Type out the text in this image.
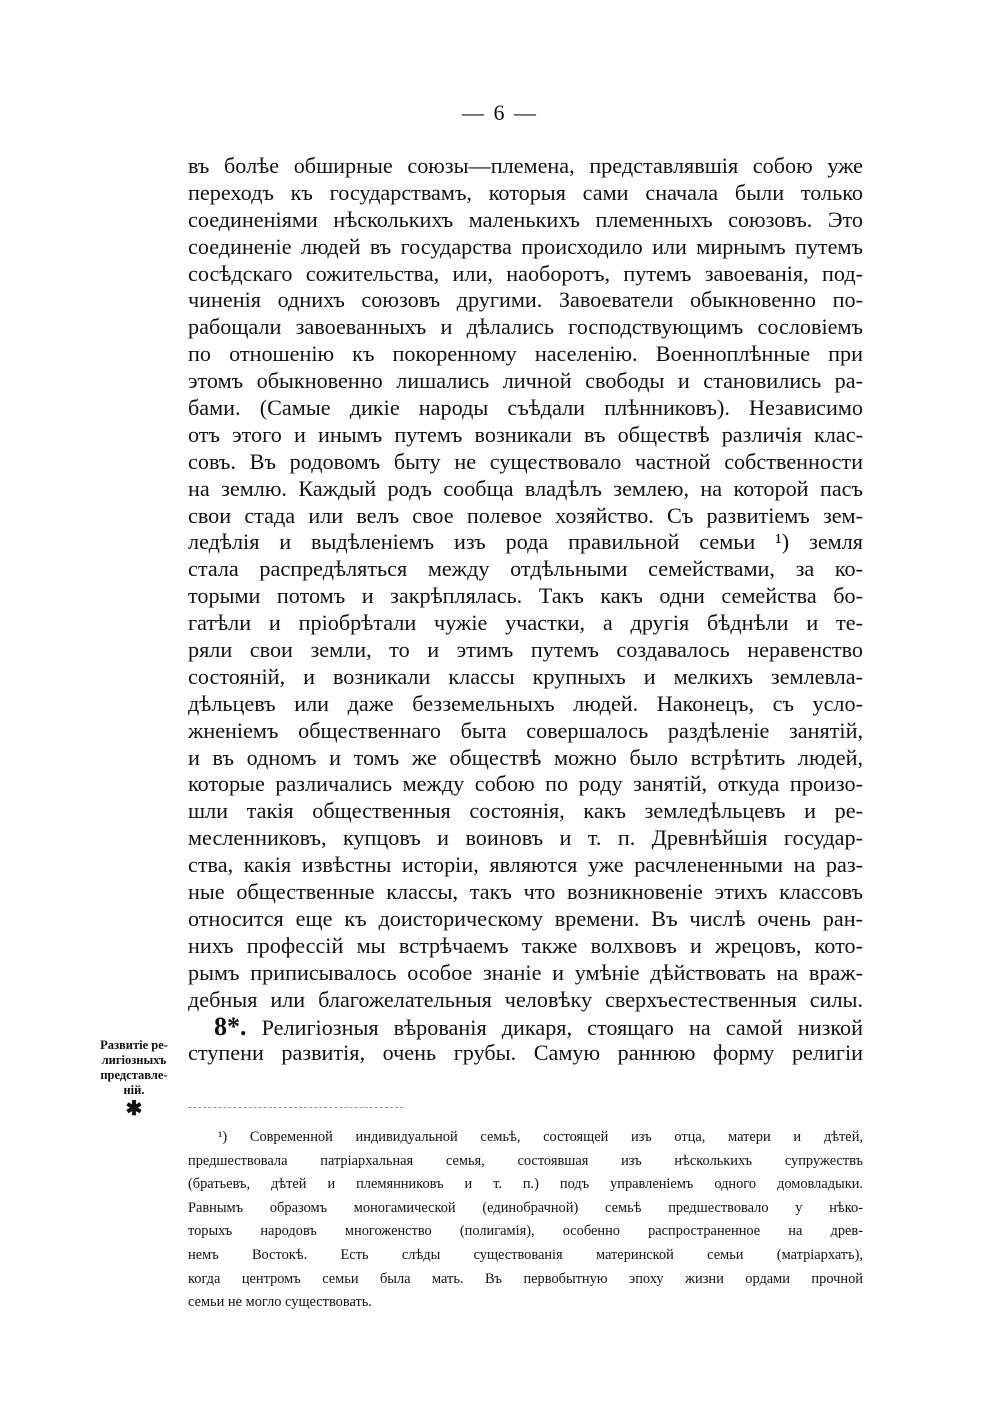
— 6 —
въ болѣе обширные союзы—племена, представлявшія собою уже
переходъ къ государствамъ, которыя сами сначала были только
соединеніями нѣсколькихъ маленькихъ племенныхъ союзовъ. Это
соединеніе людей въ государства происходило или мирнымъ путемъ
сосѣдскаго сожительства, или, наоборотъ, путемъ завоеванія, под-
чиненія однихъ союзовъ другими. Завоеватели обыкновенно по-
рабощали завоеванныхъ и дѣлались господствующимъ сословіемъ
по отношенію къ покоренному населенію. Военноплѣнные при
этомъ обыкновенно лишались личной свободы и становились ра-
бами. (Самые дикіе народы съѣдали плѣнниковъ). Независимо
отъ этого и инымъ путемъ возникали въ обществѣ различія клас-
совъ. Въ родовомъ быту не существовало частной собственности
на землю. Каждый родъ сообща владѣлъ землею, на которой пасъ
свои стада или велъ свое полевое хозяйство. Съ развитіемъ зем-
ледѣлія и выдѣленіемъ изъ рода правильной семьи ¹) земля
стала распредѣляться между отдѣльными семействами, за ко-
торыми потомъ и закрѣплялась. Такъ какъ одни семейства бо-
гатѣли и пріобрѣтали чужіе участки, а другія бѣднѣли и те-
ряли свои земли, то и этимъ путемъ создавалось неравенство
состояній, и возникали классы крупныхъ и мелкихъ землевла-
дѣльцевъ или даже безземельныхъ людей. Наконецъ, съ усло-
жненіемъ общественнаго быта совершалось раздѣленіе занятій,
и въ одномъ и томъ же обществѣ можно было встрѣтить людей,
которые различались между собою по роду занятій, откуда произо-
шли такія общественныя состоянія, какъ земледѣльцевъ и ре-
месленниковъ, купцовъ и воиновъ и т. п. Древнѣйшія государ-
ства, какія извѣстны исторіи, являются уже расчлененными на раз-
ные общественные классы, такъ что возникновеніе этихъ классовъ
относится еще къ доисторическому времени. Въ числѣ очень ран-
нихъ профессій мы встрѣчаемъ также волхвовъ и жрецовъ, кото-
рымъ приписывалось особое знаніе и умѣніе дѣйствовать на враж-
дебныя или благожелательныя человѣку сверхъестественныя силы.
8*. Религіозныя вѣрованія дикаря, стоящаго на самой низкой
ступени развитія, очень грубы. Самую раннюю форму религіи
Развитіе ре-
лигіозныхъ
представле-
ній.
✱
¹) Современной индивидуальной семьѣ, состоящей изъ отца, матери и дѣтей,
предшествовала патріархальная семья, состоявшая изъ нѣсколькихъ супружествъ
(братьевъ, дѣтей и племянниковъ и т. п.) подъ управленіемъ одного домовладыки.
Равнымъ образомъ моногамической (единобрачной) семьѣ предшествовало у нѣко-
торыхъ народовъ многоженство (полигамія), особенно распространенное на древ-
немъ Востокѣ. Есть слѣды существованія материнской семьи (матріархатъ),
когда центромъ семьи была мать. Въ первобытную эпоху жизни ордами прочной
семьи не могло существовать.
